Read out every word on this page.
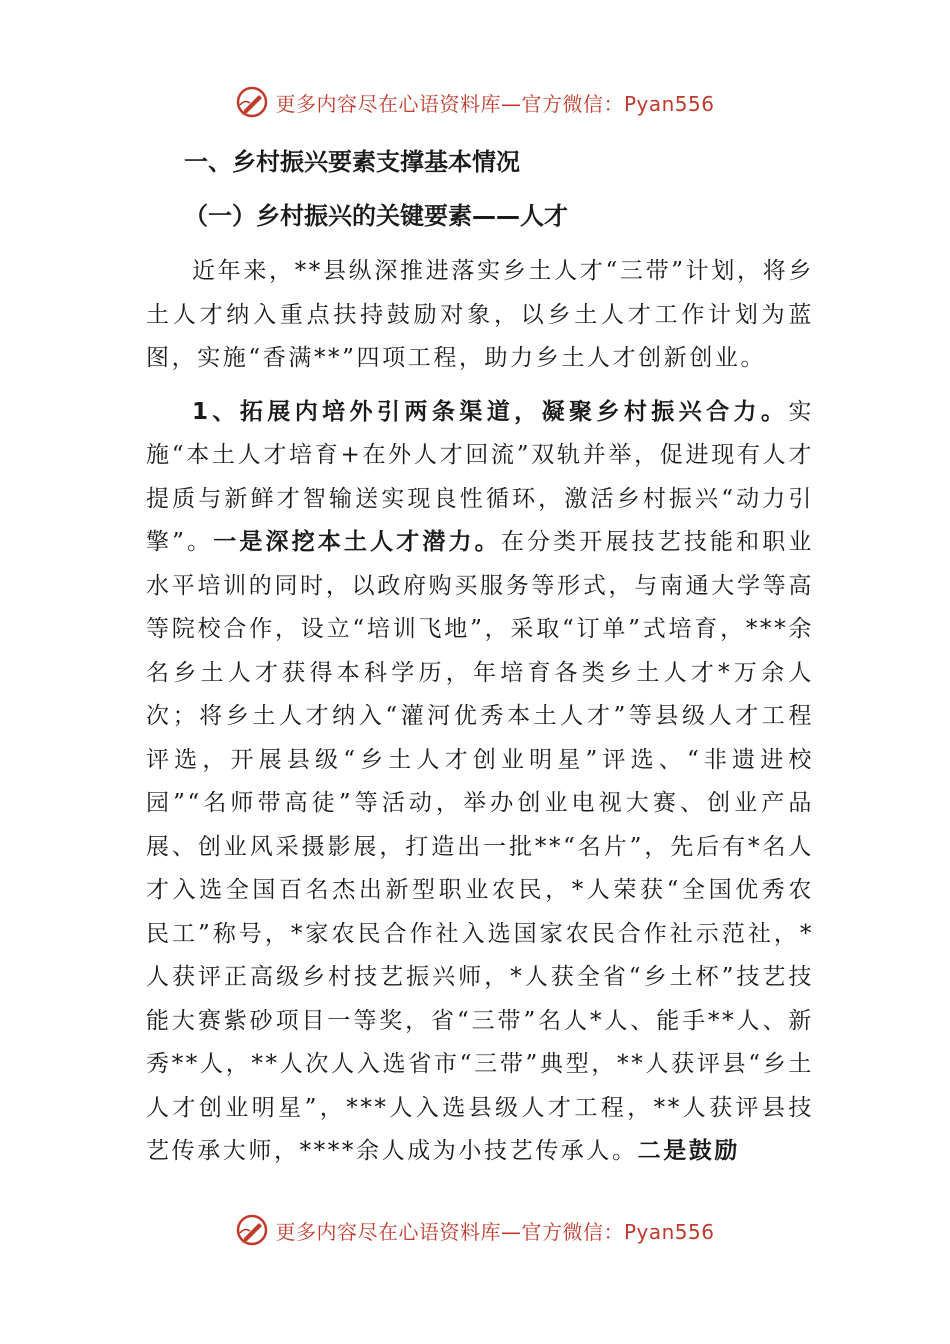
更多内容尽在心语资料库—官方微信：Pyan556
一、乡村振兴要素支撑基本情况
（一）乡村振兴的关键要素——人才

近年来，**县纵深推进落实乡土人才“三带”计划，将乡土人才纳入重点扶持鼓励对象，以乡土人才工作计划为蓝图，实施“香满**”四项工程，助力乡土人才创新创业。

1、拓展内培外引两条渠道，凝聚乡村振兴合力。实施“本土人才培育+在外人才回流”双轨并举，促进现有人才提质与新鲜才智输送实现良性循环，激活乡村振兴“动力引擎”。一是深挖本土人才潜力。在分类开展技艺技能和职业水平培训的同时，以政府购买服务等形式，与南通大学等高等院校合作，设立“培训飞地”，采取“订单”式培育，***余名乡土人才获得本科学历，年培育各类乡土人才*万余人次；将乡土人才纳入“灌河优秀本土人才”等县级人才工程评选，开展县级“乡土人才创业明星”评选、“非遗进校园”“名师带高徒”等活动，举办创业电视大赛、创业产品展、创业风采摄影展，打造出一批**“名片”，先后有*名人才入选全国百名杰出新型职业农民，*人荣获“全国优秀农民工”称号，*家农民合作社入选国家农民合作社示范社，*人获评正高级乡村技艺振兴师，*人获全省“乡土杯”技艺技能大赛紫砂项目一等奖，省“三带”名人*人、能手**人、新秀**人，**人次人入选省市“三带”典型，**人获评县“乡土人才创业明星”，***人入选县级人才工程，**人获评县技艺传承大师，****余人成为小技艺传承人。二是鼓励

更多内容尽在心语资料库—官方微信：Pyan556
